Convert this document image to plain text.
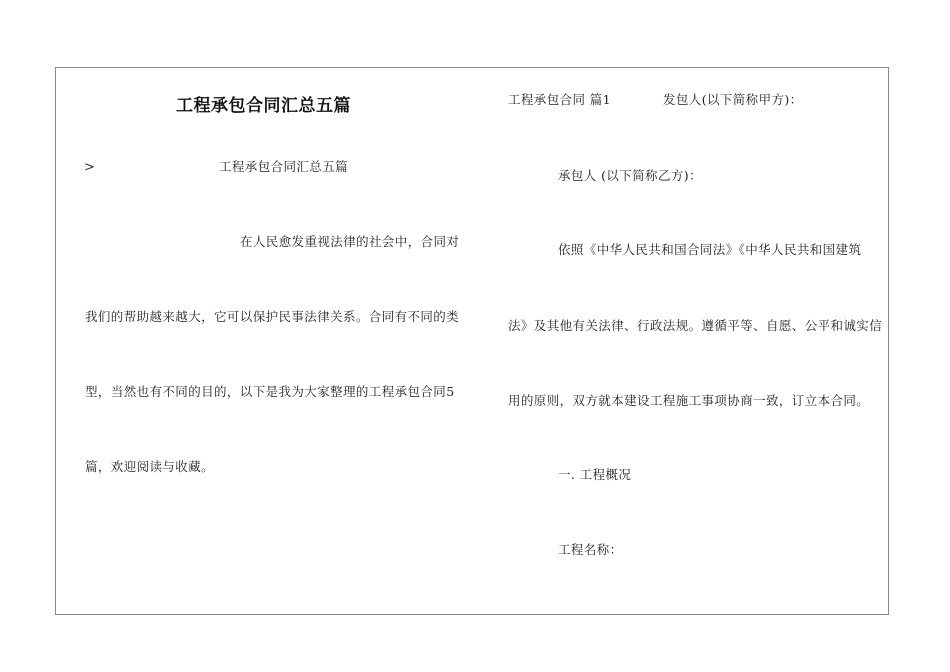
工程承包合同汇总五篇
>	工程承包合同汇总五篇
在人民愈发重视法律的社会中，合同对
我们的帮助越来越大，它可以保护民事法律关系。合同有不同的类
型，当然也有不同的目的，以下是我为大家整理的工程承包合同5
篇，欢迎阅读与收藏。
工程承包合同 篇1	发包人(以下简称甲方)：
承包人 (以下简称乙方)：
依照《中华人民共和国合同法》《中华人民共和国建筑
法》及其他有关法律、行政法规。遵循平等、自愿、公平和诚实信
用的原则，双方就本建设工程施工事项协商一致，订立本合同。
一. 工程概况
工程名称：
